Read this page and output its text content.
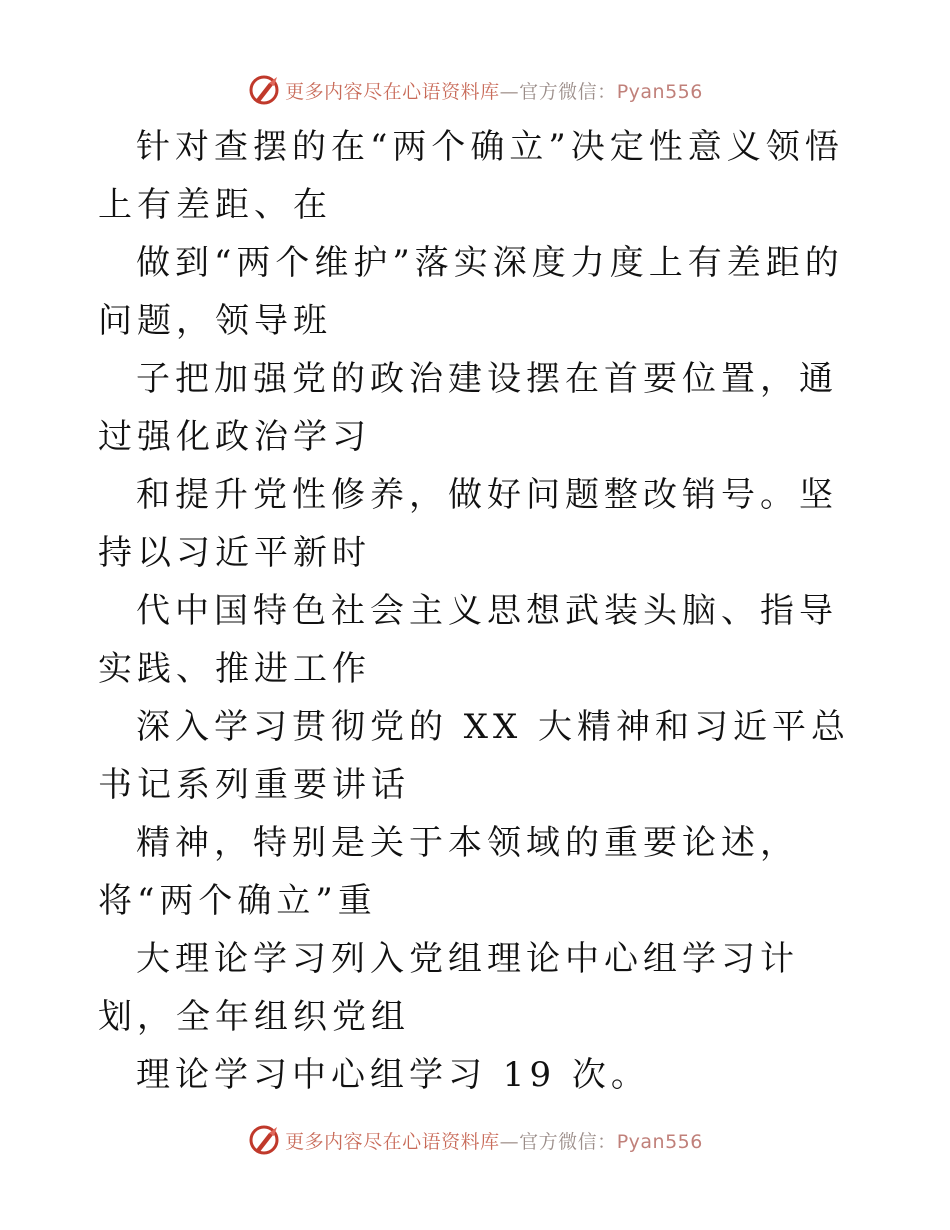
更多内容尽在心语资料库—官方微信：Pyan556

针对查摆的在“两个确立”决定性意义领悟上有差距、在

做到“两个维护”落实深度力度上有差距的问题，领导班

子把加强党的政治建设摆在首要位置，通过强化政治学习

和提升党性修养，做好问题整改销号。坚持以习近平新时

代中国特色社会主义思想武装头脑、指导实践、推进工作

深入学习贯彻党的 XX 大精神和习近平总书记系列重要讲话

精神，特别是关于本领域的重要论述，将“两个确立”重

大理论学习列入党组理论中心组学习计划，全年组织党组

理论学习中心组学习 19 次。

更多内容尽在心语资料库—官方微信：Pyan556
